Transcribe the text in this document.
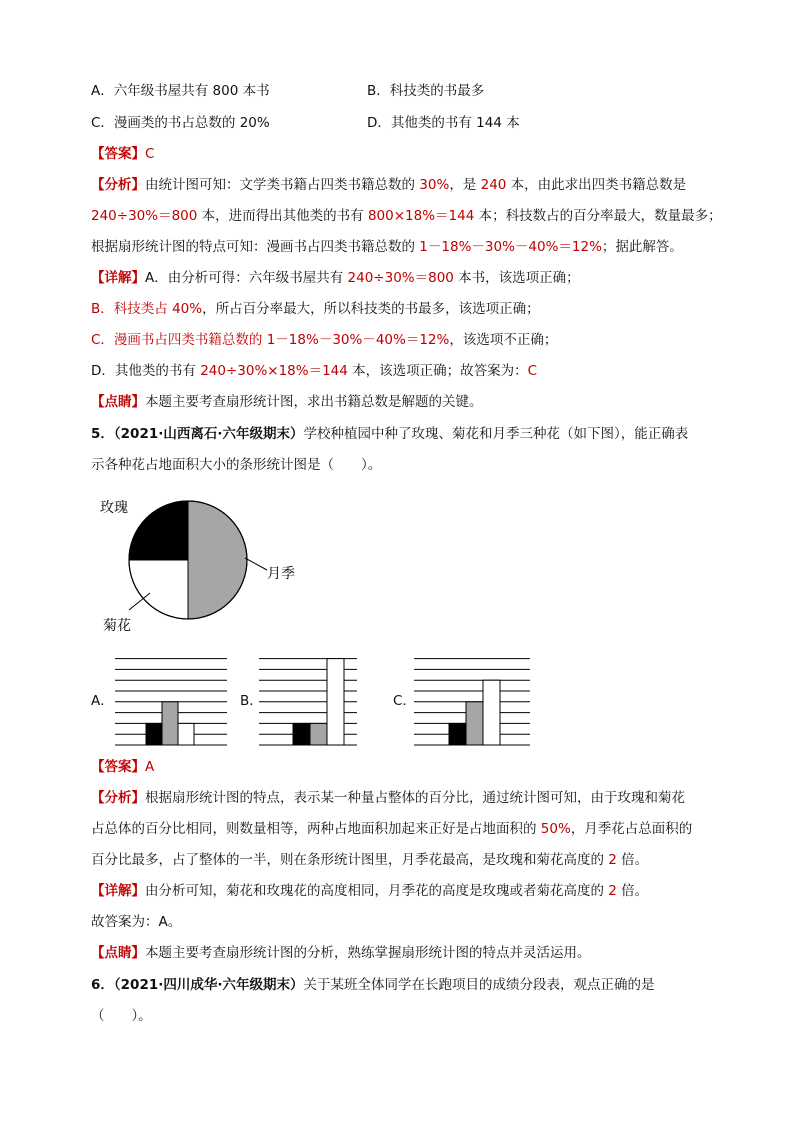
A．六年级书屋共有 800 本书	B．科技类的书最多
C．漫画类的书占总数的 20%	D．其他类的书有 144 本
【答案】C
【分析】由统计图可知：文学类书籍占四类书籍总数的 30%，是 240 本，由此求出四类书籍总数是
240÷30%＝800 本，进而得出其他类的书有 800×18%＝144 本；科技数占的百分率最大，数量最多；
根据扇形统计图的特点可知：漫画书占四类书籍总数的 1－18%－30%－40%＝12%；据此解答。
【详解】A．由分析可得：六年级书屋共有 240÷30%＝800 本书，该选项正确；
B．科技类占 40%，所占百分率最大，所以科技类的书最多，该选项正确；
C．漫画书占四类书籍总数的 1－18%－30%－40%＝12%，该选项不正确；
D．其他类的书有 240÷30%×18%＝144 本，该选项正确；故答案为：C
【点睛】本题主要考查扇形统计图，求出书籍总数是解题的关键。
5．（2021·山西离石·六年级期末）学校种植园中种了玫瑰、菊花和月季三种花（如下图），能正确表
示各种花占地面积大小的条形统计图是（　　）。
玫瑰
月季
菊花
A．	B．	C．
【答案】A
【分析】根据扇形统计图的特点，表示某一种量占整体的百分比，通过统计图可知，由于玫瑰和菊花
占总体的百分比相同，则数量相等，两种占地面积加起来正好是占地面积的 50%，月季花占总面积的
百分比最多，占了整体的一半，则在条形统计图里，月季花最高，是玫瑰和菊花高度的 2 倍。
【详解】由分析可知，菊花和玫瑰花的高度相同，月季花的高度是玫瑰或者菊花高度的 2 倍。
故答案为：A。
【点睛】本题主要考查扇形统计图的分析，熟练掌握扇形统计图的特点并灵活运用。
6．（2021·四川成华·六年级期末）关于某班全体同学在长跑项目的成绩分段表，观点正确的是
（　　）。
